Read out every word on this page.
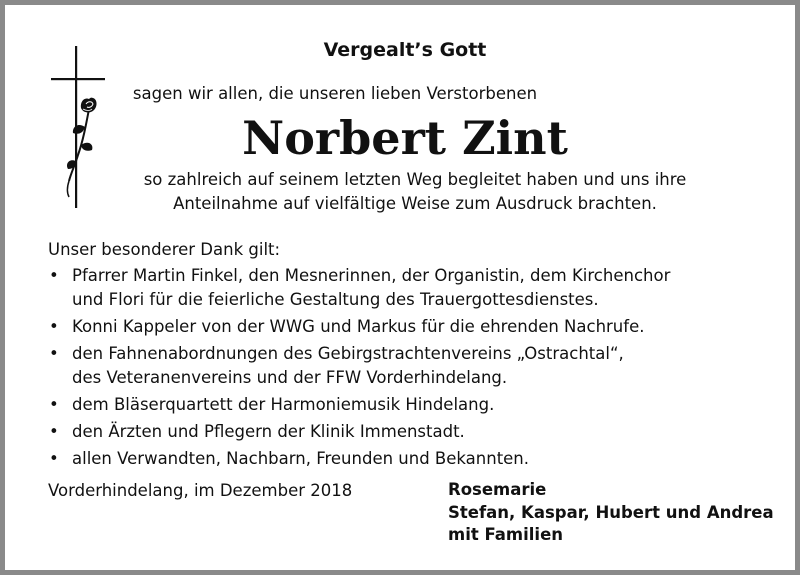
Vergealt’s Gott
sagen wir allen, die unseren lieben Verstorbenen
Norbert Zint
so zahlreich auf seinem letzten Weg begleitet haben und uns ihre
Anteilnahme auf vielfältige Weise zum Ausdruck brachten.
Unser besonderer Dank gilt:
• Pfarrer Martin Finkel, den Mesnerinnen, der Organistin, dem Kirchenchor
und Flori für die feierliche Gestaltung des Trauergottesdienstes.
• Konni Kappeler von der WWG und Markus für die ehrenden Nachrufe.
• den Fahnenabordnungen des Gebirgstrachtenvereins „Ostrachtal“,
des Veteranenvereins und der FFW Vorderhindelang.
• dem Bläserquartett der Harmoniemusik Hindelang.
• den Ärzten und Pflegern der Klinik Immenstadt.
• allen Verwandten, Nachbarn, Freunden und Bekannten.
Vorderhindelang, im Dezember 2018	Rosemarie
Stefan, Kaspar, Hubert und Andrea
mit Familien
